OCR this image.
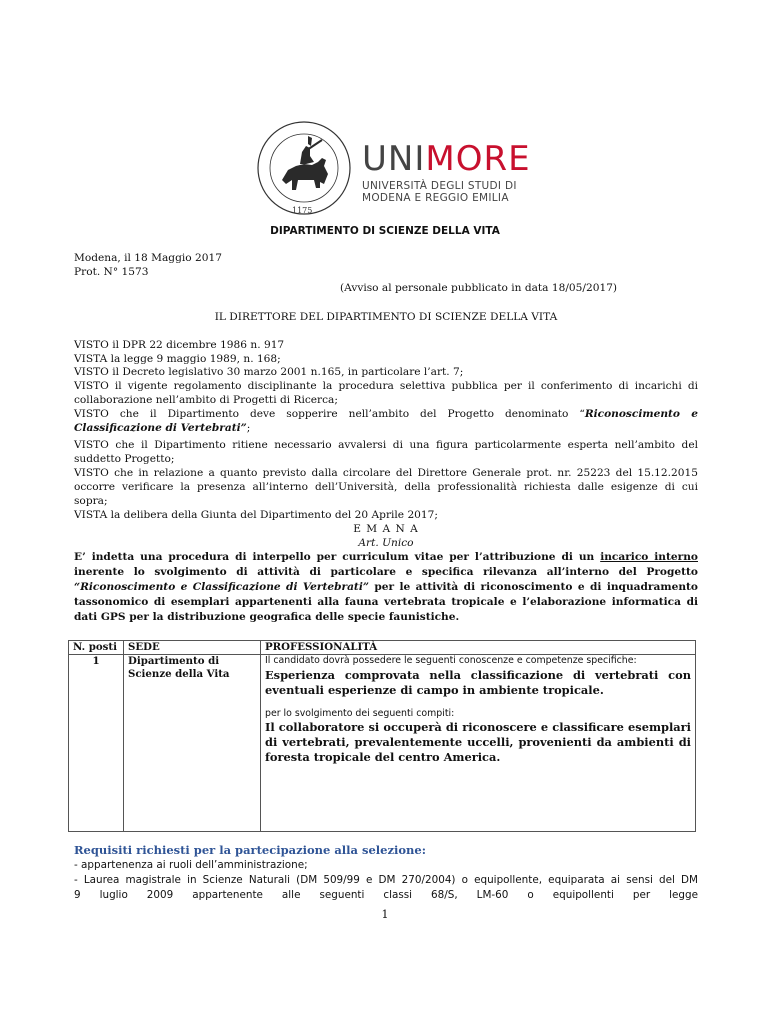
1175
UNIMORE
UNIVERSITÀ DEGLI STUDI DI
MODENA E REGGIO EMILIA
DIPARTIMENTO DI SCIENZE DELLA VITA
Modena, il 18 Maggio 2017
Prot. N° 1573
(Avviso al personale pubblicato in data 18/05/2017)
IL DIRETTORE DEL DIPARTIMENTO DI SCIENZE DELLA VITA
VISTO il DPR 22 dicembre 1986 n. 917
VISTA la legge 9 maggio 1989, n. 168;
VISTO il Decreto legislativo 30 marzo 2001 n.165, in particolare l’art. 7;
VISTO il vigente regolamento disciplinante la procedura selettiva pubblica per il conferimento di incarichi di
collaborazione nell’ambito di Progetti di Ricerca;
VISTO che il Dipartimento deve sopperire nell’ambito del Progetto denominato “Riconoscimento e
Classificazione di Vertebrati”;
VISTO che il Dipartimento ritiene necessario avvalersi di una figura particolarmente esperta nell’ambito del
suddetto Progetto;
VISTO che in relazione a quanto previsto dalla circolare del Direttore Generale prot. nr. 25223 del 15.12.2015
occorre verificare la presenza all’interno dell’Università, della professionalità richiesta dalle esigenze di cui
sopra;
VISTA la delibera della Giunta del Dipartimento del 20 Aprile 2017;
E M A N A
Art. Unico
E’ indetta una procedura di interpello per curriculum vitae per l’attribuzione di un incarico interno
inerente lo svolgimento di attività di particolare e specifica rilevanza all’interno del Progetto
“Riconoscimento e Classificazione di Vertebrati” per le attività di riconoscimento e di inquadramento
tassonomico di esemplari appartenenti alla fauna vertebrata tropicale e l’elaborazione informatica di
dati GPS per la distribuzione geografica delle specie faunistiche.
N. posti	SEDE	PROFESSIONALITÀ
1	Dipartimento di Scienze della Vita	Il candidato dovrà possedere le seguenti conoscenze e competenze specifiche:
Esperienza comprovata nella classificazione di vertebrati con eventuali esperienze di campo in ambiente tropicale.
per lo svolgimento dei seguenti compiti:
Il collaboratore si occuperà di riconoscere e classificare esemplari di vertebrati, prevalentemente uccelli, provenienti da ambienti di foresta tropicale del centro America.
Requisiti richiesti per la partecipazione alla selezione:
- appartenenza ai ruoli dell’amministrazione;
- Laurea magistrale in Scienze Naturali (DM 509/99 e DM 270/2004) o equipollente, equiparata ai sensi del DM
9 luglio 2009 appartenente alle seguenti classi 68/S, LM-60 o equipollenti per legge
1
